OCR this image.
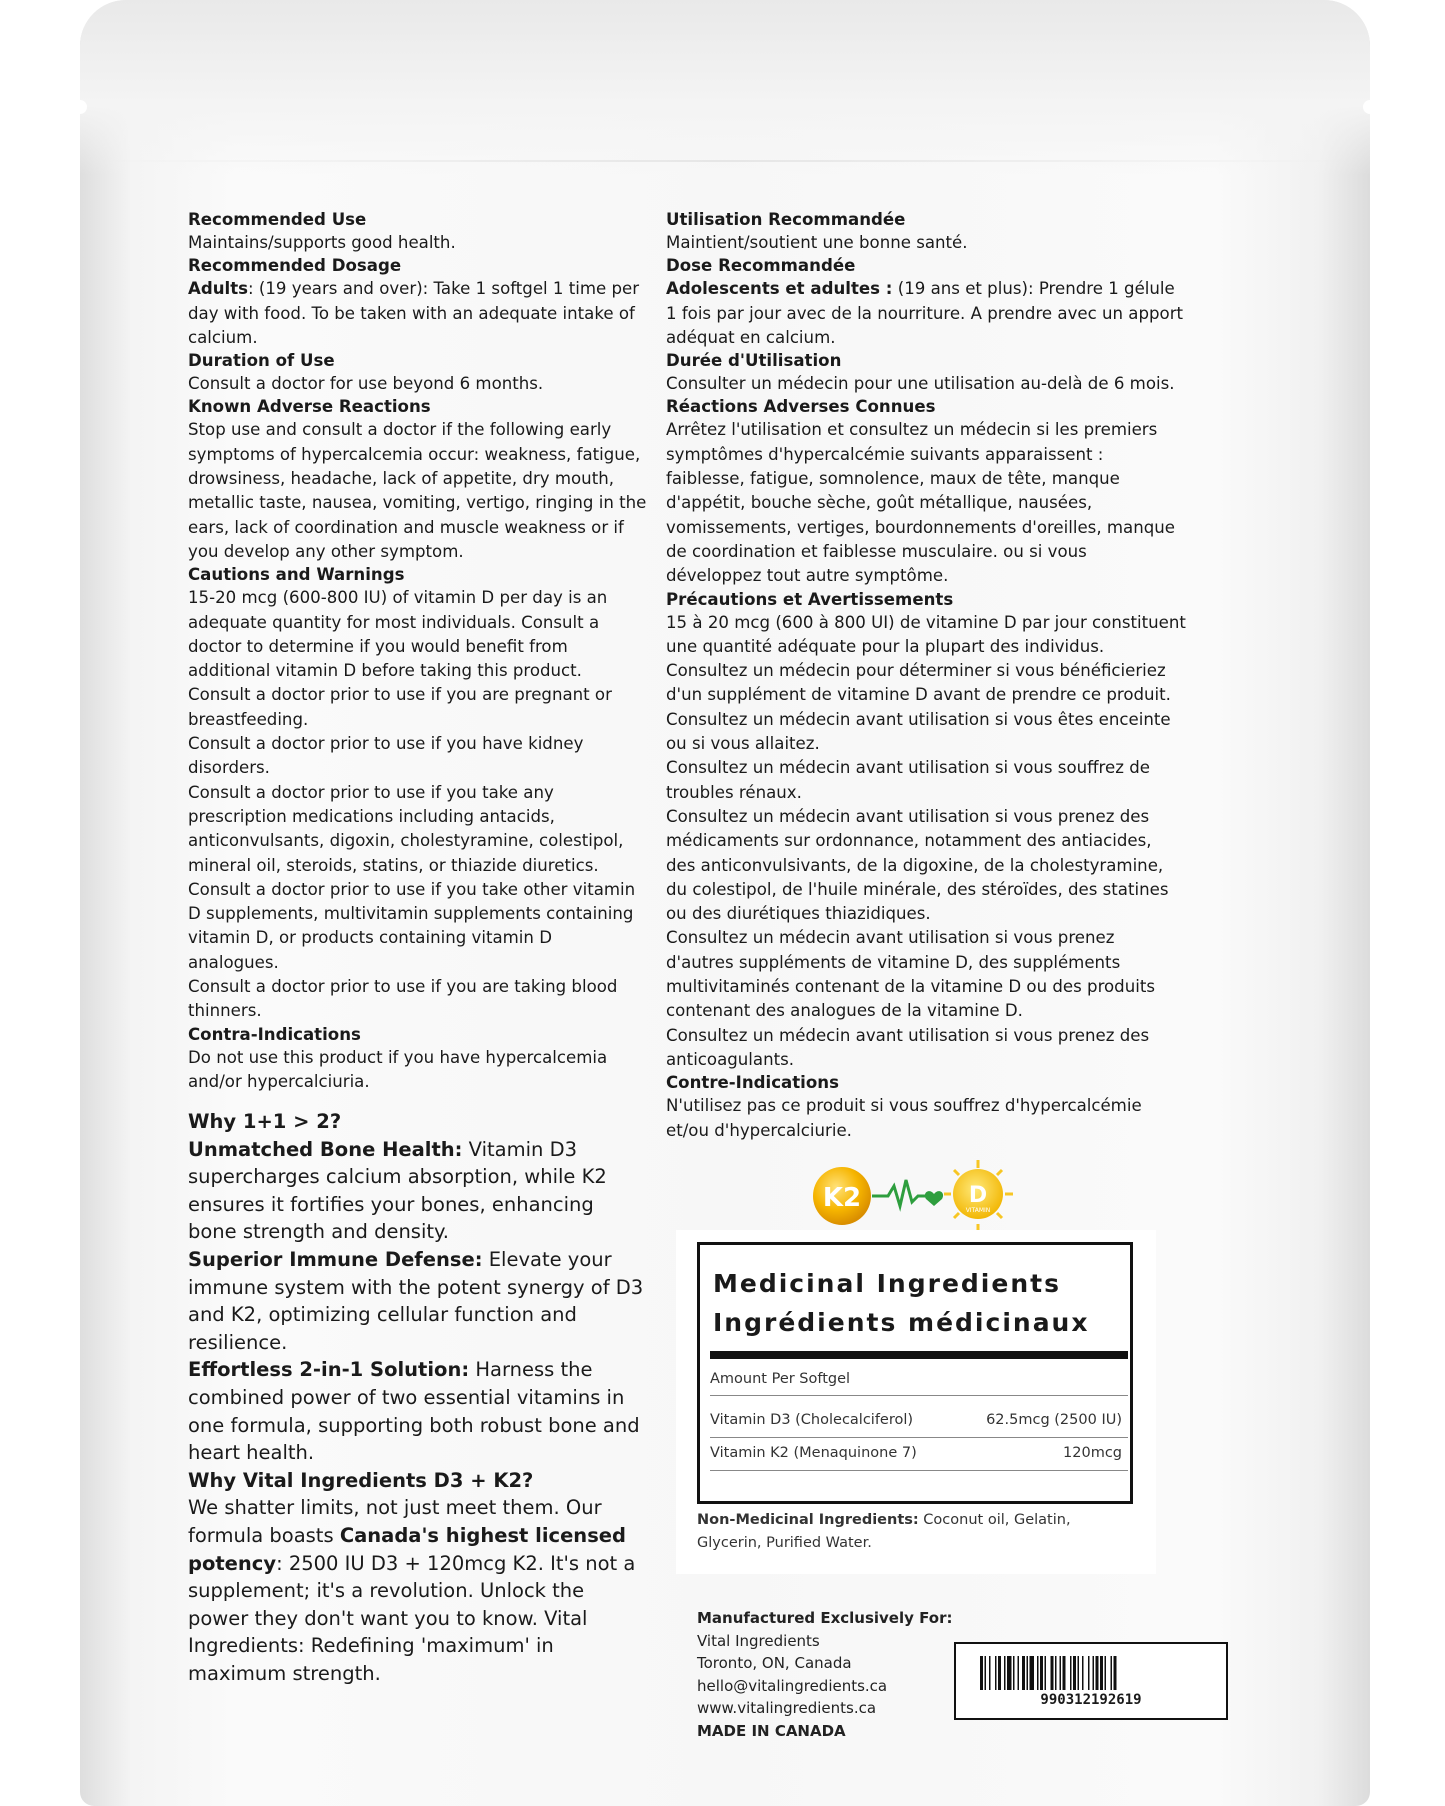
Recommended Use

Maintains/supports good health.

Recommended Dosage

Adults: (19 years and over): Take 1 softgel 1 time per day with food. To be taken with an adequate intake of calcium.

Duration of Use

Consult a doctor for use beyond 6 months.

Known Adverse Reactions

Stop use and consult a doctor if the following early symptoms of hypercalcemia occur: weakness, fatigue, drowsiness, headache, lack of appetite, dry mouth, metallic taste, nausea, vomiting, vertigo, ringing in the ears, lack of coordination and muscle weakness or if you develop any other symptom.

Cautions and Warnings

15-20 mcg (600-800 IU) of vitamin D per day is an adequate quantity for most individuals. Consult a doctor to determine if you would benefit from additional vitamin D before taking this product.

Consult a doctor prior to use if you are pregnant or breastfeeding.

Consult a doctor prior to use if you have kidney disorders.

Consult a doctor prior to use if you take any prescription medications including antacids, anticonvulsants, digoxin, cholestyramine, colestipol, mineral oil, steroids, statins, or thiazide diuretics.

Consult a doctor prior to use if you take other vitamin D supplements, multivitamin supplements containing vitamin D, or products containing vitamin D analogues.

Consult a doctor prior to use if you are taking blood thinners.

Contra-Indications

Do not use this product if you have hypercalcemia and/or hypercalciuria.

Utilisation Recommandée

Maintient/soutient une bonne santé.

Dose Recommandée

Adolescents et adultes : (19 ans et plus): Prendre 1 gélule 1 fois par jour avec de la nourriture. A prendre avec un apport adéquat en calcium.

Durée d'Utilisation

Consulter un médecin pour une utilisation au-delà de 6 mois.

Réactions Adverses Connues

Arrêtez l'utilisation et consultez un médecin si les premiers symptômes d'hypercalcémie suivants apparaissent : faiblesse, fatigue, somnolence, maux de tête, manque d'appétit, bouche sèche, goût métallique, nausées, vomissements, vertiges, bourdonnements d'oreilles, manque de coordination et faiblesse musculaire. ou si vous développez tout autre symptôme.

Précautions et Avertissements

15 à 20 mcg (600 à 800 UI) de vitamine D par jour constituent une quantité adéquate pour la plupart des individus.

Consultez un médecin pour déterminer si vous bénéficieriez d'un supplément de vitamine D avant de prendre ce produit.

Consultez un médecin avant utilisation si vous êtes enceinte ou si vous allaitez.

Consultez un médecin avant utilisation si vous souffrez de troubles rénaux.

Consultez un médecin avant utilisation si vous prenez des médicaments sur ordonnance, notamment des antiacides, des anticonvulsivants, de la digoxine, de la cholestyramine, du colestipol, de l'huile minérale, des stéroïdes, des statines ou des diurétiques thiazidiques.

Consultez un médecin avant utilisation si vous prenez d'autres suppléments de vitamine D, des suppléments multivitaminés contenant de la vitamine D ou des produits contenant des analogues de la vitamine D.

Consultez un médecin avant utilisation si vous prenez des anticoagulants.

Contre-Indications

N'utilisez pas ce produit si vous souffrez d'hypercalcémie et/ou d'hypercalciurie.

Why 1+1 > 2?

Unmatched Bone Health: Vitamin D3 supercharges calcium absorption, while K2 ensures it fortifies your bones, enhancing bone strength and density.

Superior Immune Defense: Elevate your immune system with the potent synergy of D3 and K2, optimizing cellular function and resilience.

Effortless 2-in-1 Solution: Harness the combined power of two essential vitamins in one formula, supporting both robust bone and heart health.

Why Vital Ingredients D3 + K2?

We shatter limits, not just meet them. Our formula boasts Canada's highest licensed potency: 2500 IU D3 + 120mcg K2. It's not a supplement; it's a revolution. Unlock the power they don't want you to know. Vital Ingredients: Redefining 'maximum' in maximum strength.

K2	D
VITAMIN
Medicinal Ingredients
Ingrédients médicinaux
Amount Per Softgel
Vitamin D3 (Cholecalciferol)	62.5mcg (2500 IU)
Vitamin K2 (Menaquinone 7)	120mcg
Non-Medicinal Ingredients: Coconut oil, Gelatin, Glycerin, Purified Water.
Manufactured Exclusively For:
Vital Ingredients
Toronto, ON, Canada
hello@vitalingredients.ca
www.vitalingredients.ca
MADE IN CANADA
990312192619
